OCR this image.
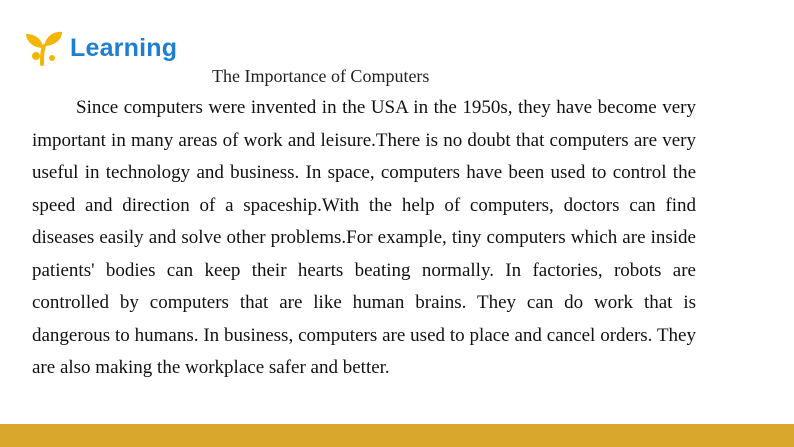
Learning
The Importance of Computers

Since computers were invented in the USA in the 1950s, they have become very important in many areas of work and leisure.There is no doubt that computers are very useful in technology and business. In space, computers have been used to control the speed and direction of a spaceship.With the help of computers, doctors can find diseases easily and solve other problems.For example, tiny computers which are inside patients' bodies can keep their hearts beating normally. In factories, robots are controlled by computers that are like human brains. They can do work that is dangerous to humans. In business, computers are used to place and cancel orders. They are also making the workplace safer and better.
